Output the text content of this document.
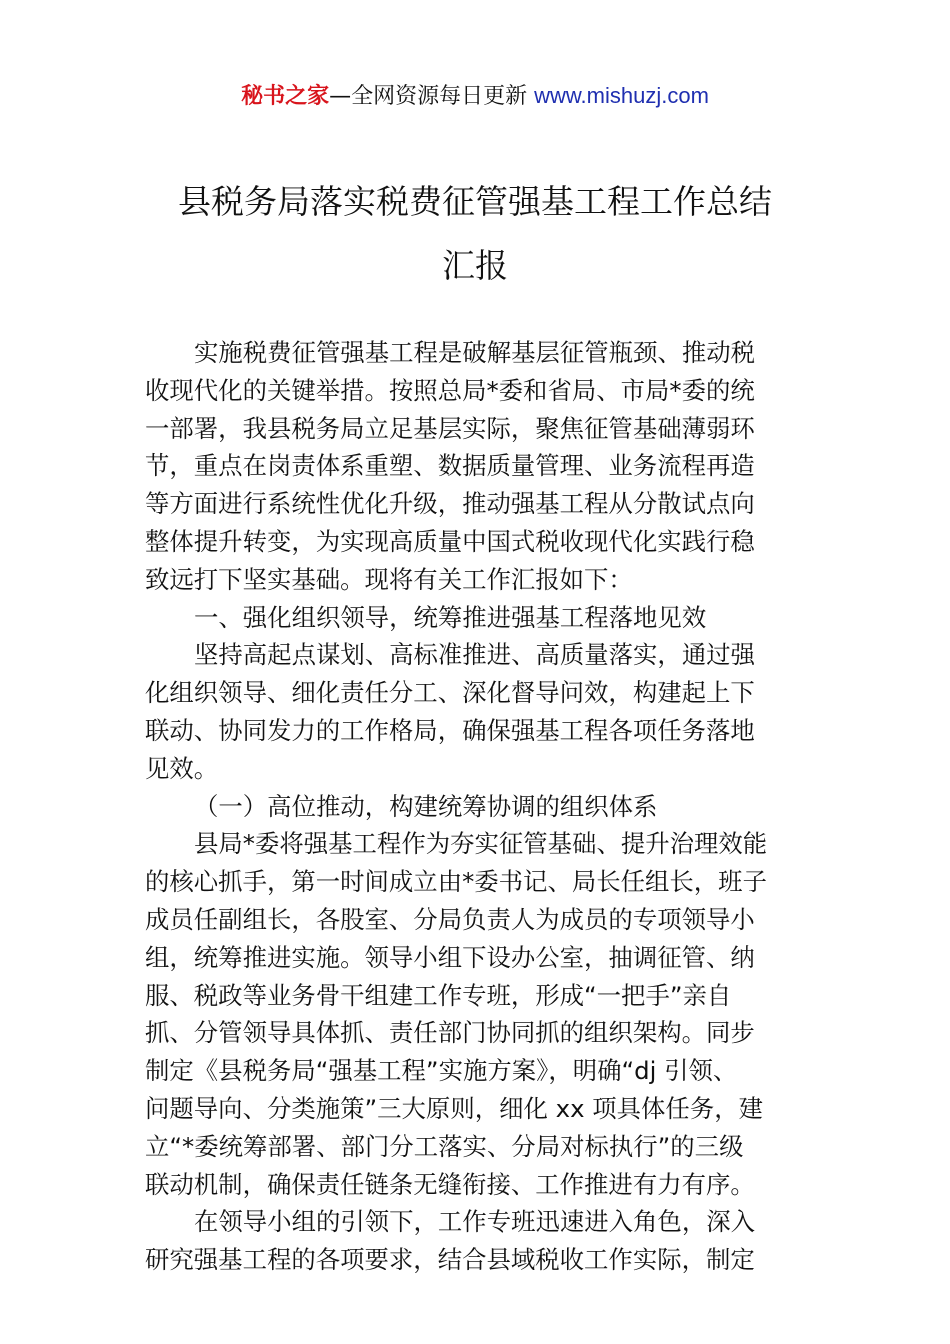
秘书之家—全网资源每日更新 www.mishuzj.com
县税务局落实税费征管强基工程工作总结
汇报
实施税费征管强基工程是破解基层征管瓶颈、推动税
收现代化的关键举措。按照总局*委和省局、市局*委的统
一部署，我县税务局立足基层实际，聚焦征管基础薄弱环
节，重点在岗责体系重塑、数据质量管理、业务流程再造
等方面进行系统性优化升级，推动强基工程从分散试点向
整体提升转变，为实现高质量中国式税收现代化实践行稳
致远打下坚实基础。现将有关工作汇报如下：
一、强化组织领导，统筹推进强基工程落地见效
坚持高起点谋划、高标准推进、高质量落实，通过强
化组织领导、细化责任分工、深化督导问效，构建起上下
联动、协同发力的工作格局，确保强基工程各项任务落地
见效。
（一）高位推动，构建统筹协调的组织体系
县局*委将强基工程作为夯实征管基础、提升治理效能
的核心抓手，第一时间成立由*委书记、局长任组长，班子
成员任副组长，各股室、分局负责人为成员的专项领导小
组，统筹推进实施。领导小组下设办公室，抽调征管、纳
服、税政等业务骨干组建工作专班，形成“一把手”亲自
抓、分管领导具体抓、责任部门协同抓的组织架构。同步
制定《县税务局“强基工程”实施方案》，明确“dj 引领、
问题导向、分类施策”三大原则，细化 xx 项具体任务，建
立“*委统筹部署、部门分工落实、分局对标执行”的三级
联动机制，确保责任链条无缝衔接、工作推进有力有序。
在领导小组的引领下，工作专班迅速进入角色，深入
研究强基工程的各项要求，结合县域税收工作实际，制定
